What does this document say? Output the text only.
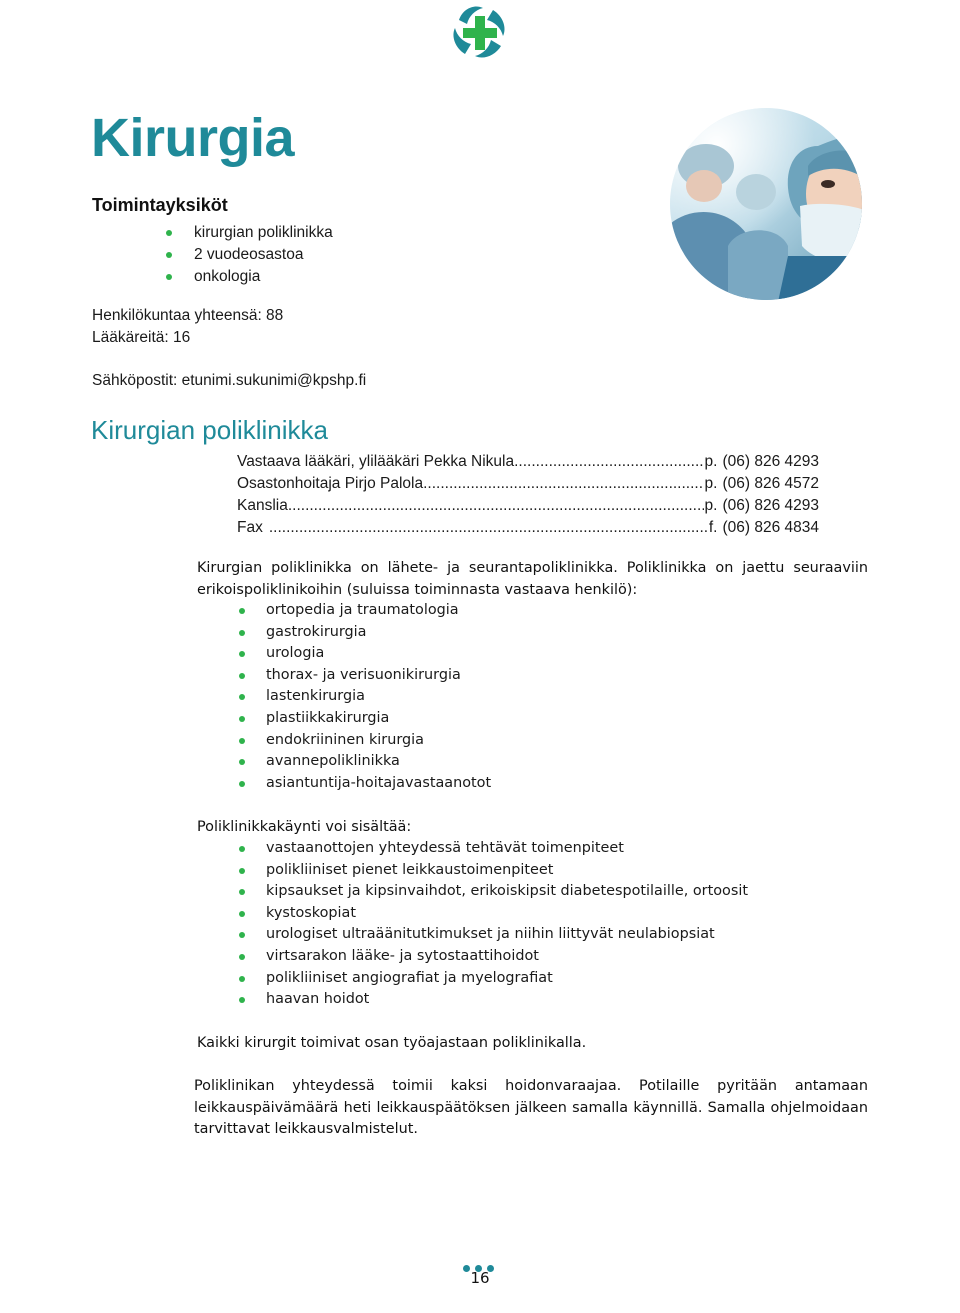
Kirurgia
Toimintayksiköt
kirurgian poliklinikka
2 vuodeosastoa
onkologia
Henkilökuntaa yhteensä: 88
Lääkäreitä: 16
Sähköpostit: etunimi.sukunimi@kpshp.fi
Kirurgian poliklinikka
Vastaava lääkäri, ylilääkäri Pekka Nikula .....	p. (06) 826 4293
Osastonhoitaja Pirjo Palola .....	p. (06) 826 4572
Kanslia .....	p. (06) 826 4293
Fax .....	f. (06) 826 4834

Kirurgian poliklinikka on lähete- ja seurantapoliklinikka. Poliklinikka on jaettu seuraaviin erikoispoliklinikoihin (suluissa toiminnasta vastaava henkilö):

ortopedia ja traumatologia
gastrokirurgia
urologia
thorax- ja verisuonikirurgia
lastenkirurgia
plastiikkakirurgia
endokriininen kirurgia
avannepoliklinikka
asiantuntija-hoitajavastaanotot

Poliklinikkakäynti voi sisältää:

vastaanottojen yhteydessä tehtävät toimenpiteet
polikliiniset pienet leikkaustoimenpiteet
kipsaukset ja kipsinvaihdot, erikoiskipsit diabetespotilaille, ortoosit
kystoskopiat
urologiset ultraäänitutkimukset ja niihin liittyvät neulabiopsiat
virtsarakon lääke- ja sytostaattihoidot
polikliiniset angiografiat ja myelografiat
haavan hoidot

Kaikki kirurgit toimivat osan työajastaan poliklinikalla.

Poliklinikan yhteydessä toimii kaksi hoidonvaraajaa. Potilaille pyritään antamaan leikkauspäivämäärä heti leikkauspäätöksen jälkeen samalla käynnillä. Samalla ohjelmoidaan tarvittavat leikkausvalmistelut.

16
